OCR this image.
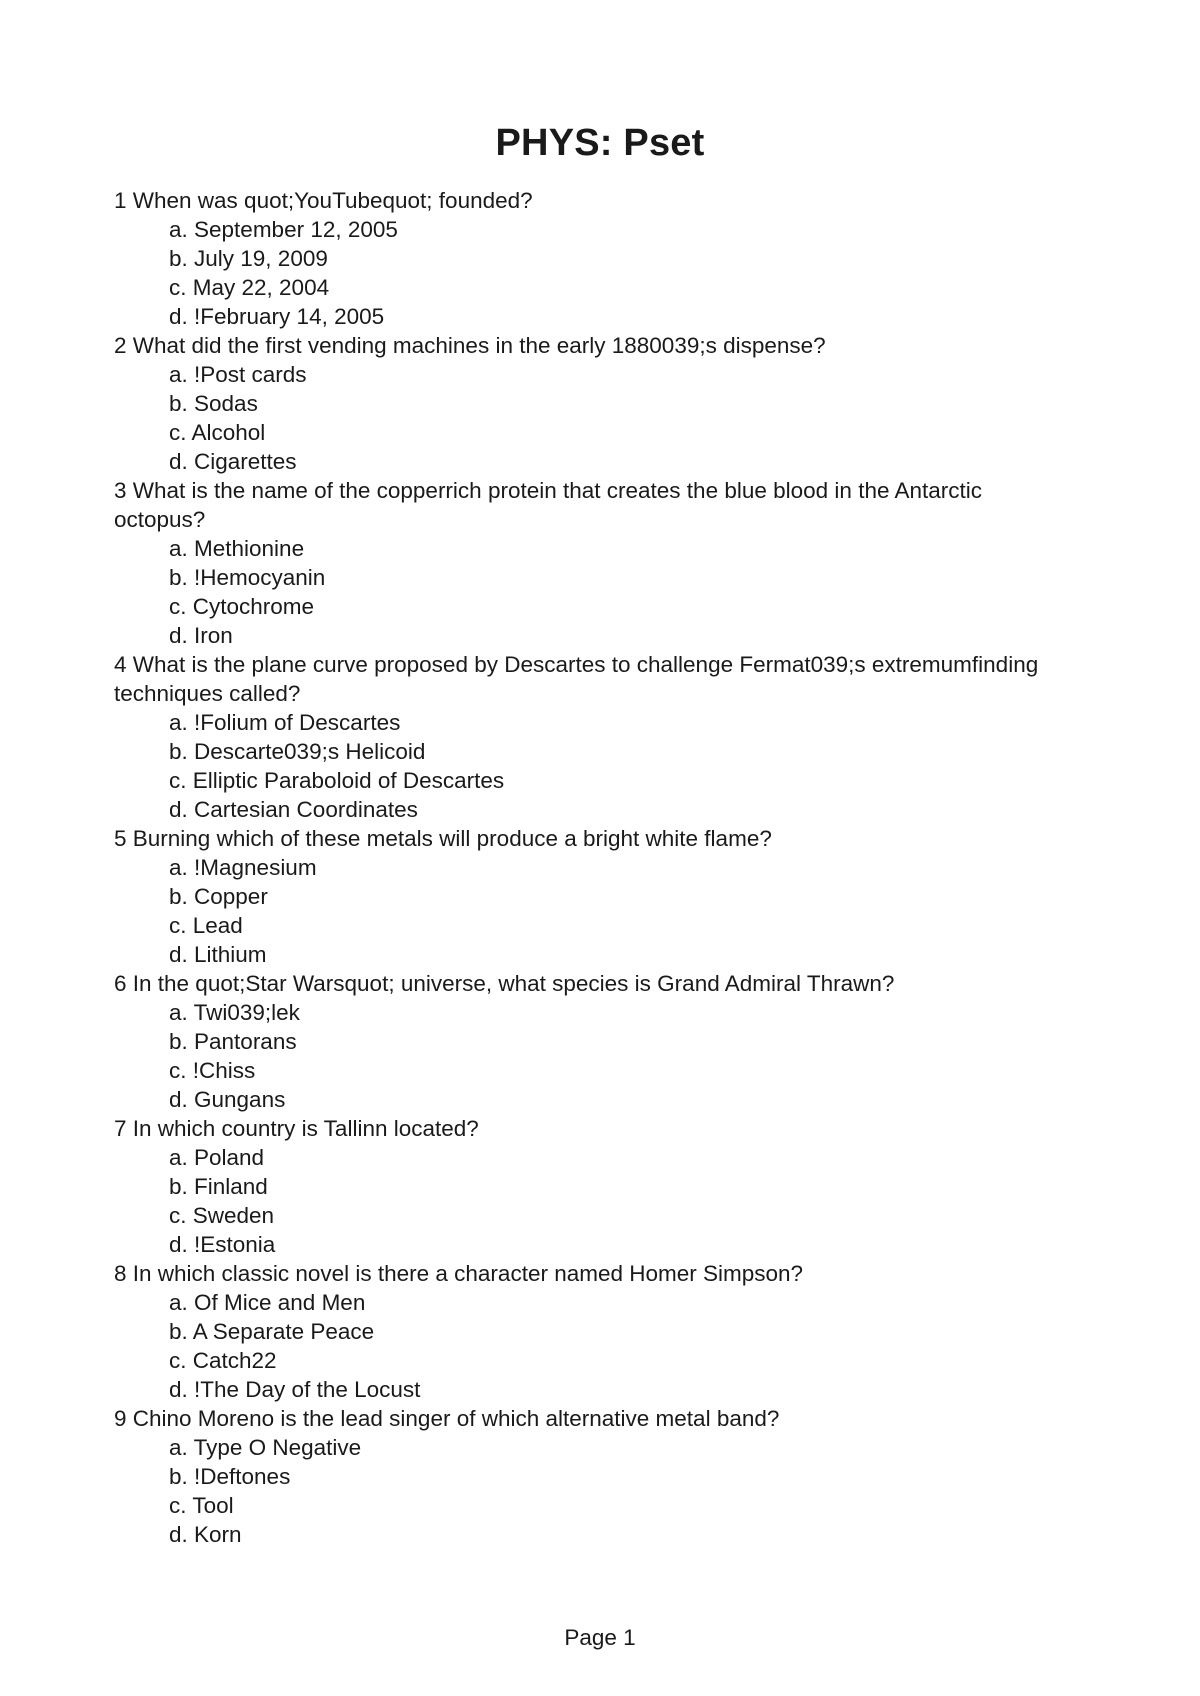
PHYS: Pset

1 When was quot;YouTubequot; founded?

a. September 12, 2005

b. July 19, 2009

c. May 22, 2004

d. !February 14, 2005

2 What did the first vending machines in the early 1880039;s dispense?

a. !Post cards

b. Sodas

c. Alcohol

d. Cigarettes

3 What is the name of the copperrich protein that creates the blue blood in the Antarctic octopus?

a. Methionine

b. !Hemocyanin

c. Cytochrome

d. Iron

4 What is the plane curve proposed by Descartes to challenge Fermat039;s extremumfinding techniques called?

a. !Folium of Descartes

b. Descarte039;s Helicoid

c. Elliptic Paraboloid of Descartes

d. Cartesian Coordinates

5 Burning which of these metals will produce a bright white flame?

a. !Magnesium

b. Copper

c. Lead

d. Lithium

6 In the quot;Star Warsquot; universe, what species is Grand Admiral Thrawn?

a. Twi039;lek

b. Pantorans

c. !Chiss

d. Gungans

7 In which country is Tallinn located?

a. Poland

b. Finland

c. Sweden

d. !Estonia

8 In which classic novel is there a character named Homer Simpson?

a. Of Mice and Men

b. A Separate Peace

c. Catch22

d. !The Day of the Locust

9 Chino Moreno is the lead singer of which alternative metal band?

a. Type O Negative

b. !Deftones

c. Tool

d. Korn

Page 1
